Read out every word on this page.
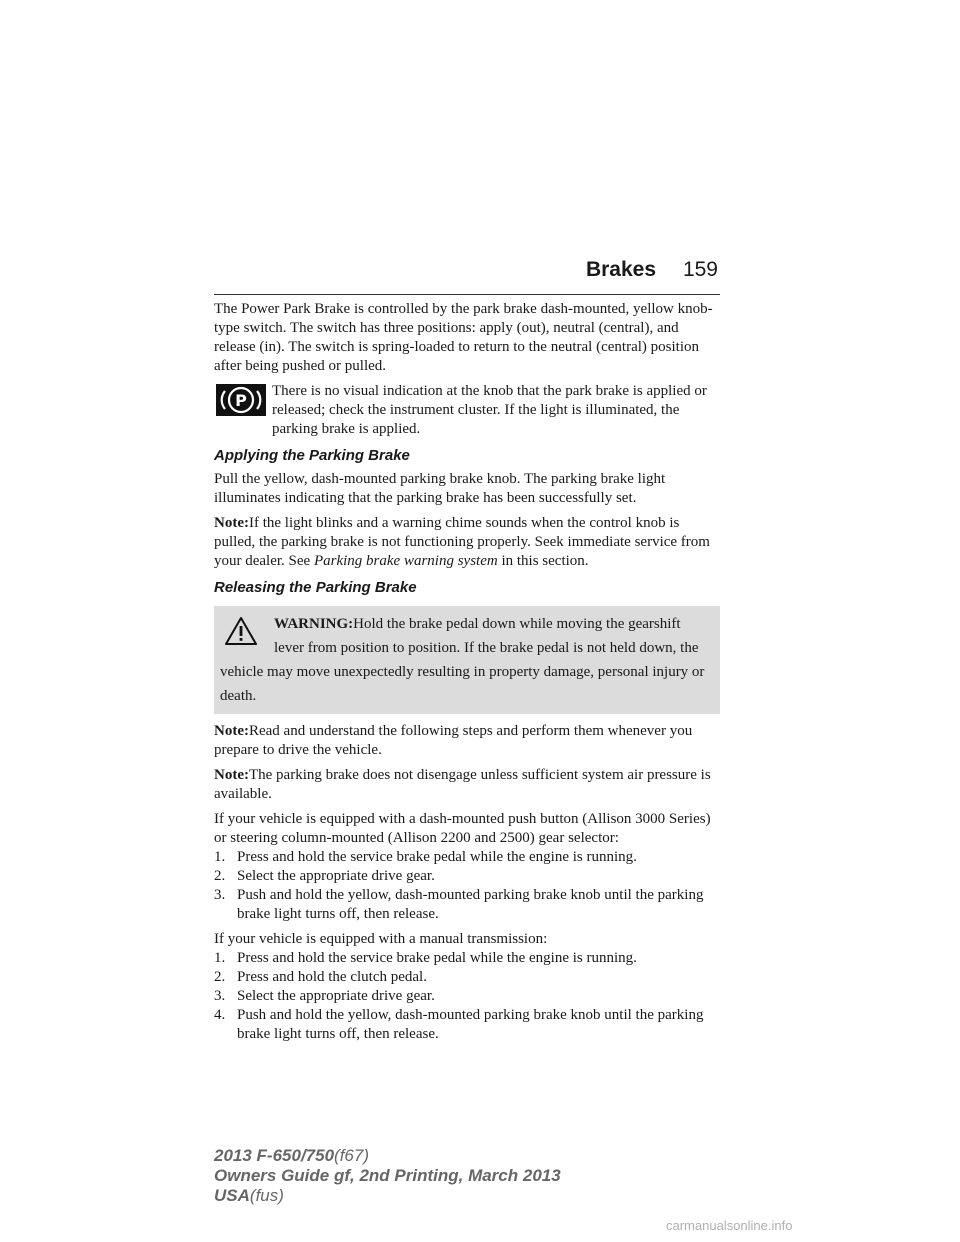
Brakes 159

The Power Park Brake is controlled by the park brake dash-mounted, yellow knob-type switch. The switch has three positions: apply (out), neutral (central), and release (in). The switch is spring-loaded to return to the neutral (central) position after being pushed or pulled.

P There is no visual indication at the knob that the park brake is applied or released; check the instrument cluster. If the light is illuminated, the parking brake is applied.
Applying the Parking Brake

Pull the yellow, dash-mounted parking brake knob. The parking brake light illuminates indicating that the parking brake has been successfully set.

Note:If the light blinks and a warning chime sounds when the control knob is pulled, the parking brake is not functioning properly. Seek immediate service from your dealer. See Parking brake warning system in this section.

Releasing the Parking Brake
WARNING:Hold the brake pedal down while moving the gearshift lever from position to position. If the brake pedal is not held down, the vehicle may move unexpectedly resulting in property damage, personal injury or death.

Note:Read and understand the following steps and perform them whenever you prepare to drive the vehicle.

Note:The parking brake does not disengage unless sufficient system air pressure is available.

If your vehicle is equipped with a dash-mounted push button (Allison 3000 Series) or steering column-mounted (Allison 2200 and 2500) gear selector:
1. Press and hold the service brake pedal while the engine is running.
2. Select the appropriate drive gear.
3. Push and hold the yellow, dash-mounted parking brake knob until the parking brake light turns off, then release.
If your vehicle is equipped with a manual transmission:
1. Press and hold the service brake pedal while the engine is running.
2. Press and hold the clutch pedal.
3. Select the appropriate drive gear.
4. Push and hold the yellow, dash-mounted parking brake knob until the parking brake light turns off, then release.
2013 F-650/750(f67)
Owners Guide gf, 2nd Printing, March 2013
USA(fus)
carmanualsonline.info
